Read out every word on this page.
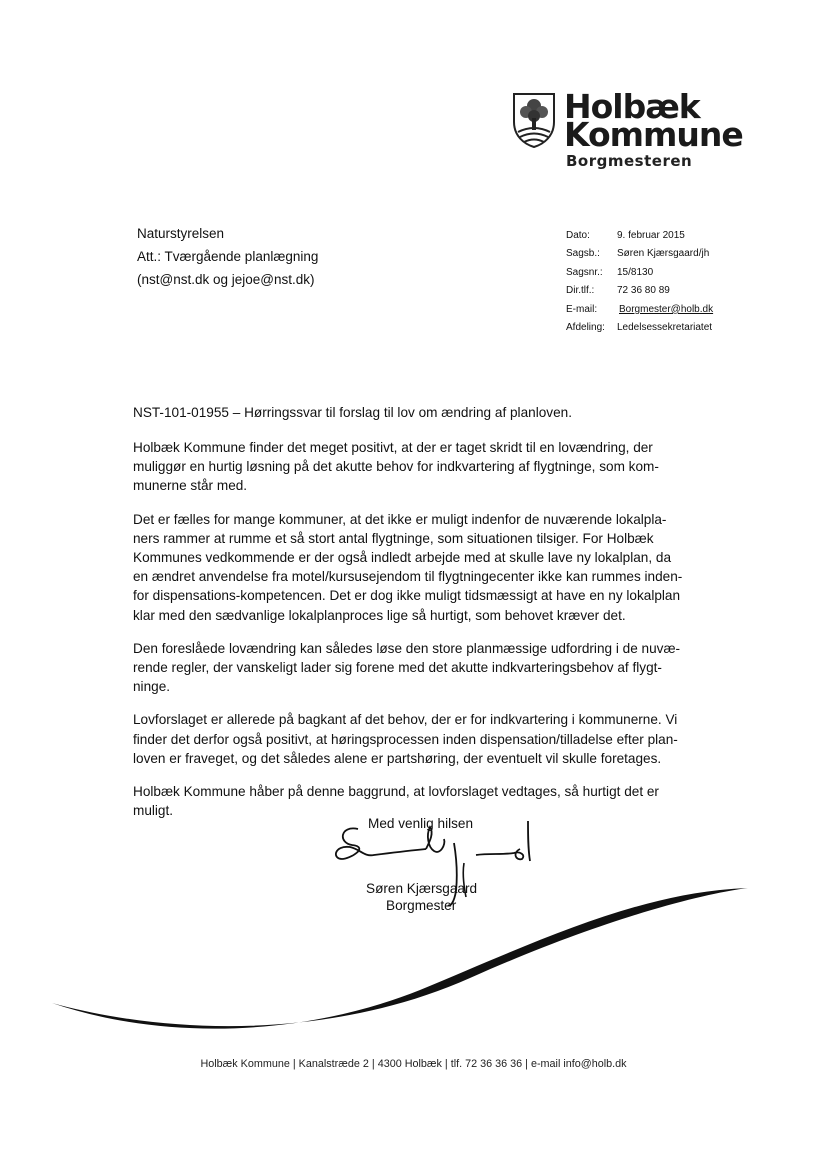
Holbæk
Kommune
Borgmesteren
Naturstyrelsen
Att.: Tværgående planlægning
(nst@nst.dk og jejoe@nst.dk)
Dato:	9. februar 2015
Sagsb.:	Søren Kjærsgaard/jh
Sagsnr.:	15/8130
Dir.tlf.:	72 36 80 89
E-mail:	Borgmester@holb.dk
Afdeling:	Ledelsessekretariatet
NST-101-01955 – Hørringssvar til forslag til lov om ændring af planloven.

Holbæk Kommune finder det meget positivt, at der er taget skridt til en lovændring, der
muliggør en hurtig løsning på det akutte behov for indkvartering af flygtninge, som kom-
munerne står med.

Det er fælles for mange kommuner, at det ikke er muligt indenfor de nuværende lokalpla-
ners rammer at rumme et så stort antal flygtninge, som situationen tilsiger. For Holbæk
Kommunes vedkommende er der også indledt arbejde med at skulle lave ny lokalplan, da
en ændret anvendelse fra motel/kursusejendom til flygtningecenter ikke kan rummes inden-
for dispensations-kompetencen. Det er dog ikke muligt tidsmæssigt at have en ny lokalplan
klar med den sædvanlige lokalplanproces lige så hurtigt, som behovet kræver det.

Den foreslåede lovændring kan således løse den store planmæssige udfordring i de nuvæ-
rende regler, der vanskeligt lader sig forene med det akutte indkvarteringsbehov af flygt-
ninge.

Lovforslaget er allerede på bagkant af det behov, der er for indkvartering i kommunerne. Vi
finder det derfor også positivt, at høringsprocessen inden dispensation/tilladelse efter plan-
loven er fraveget, og det således alene er partshøring, der eventuelt vil skulle foretages.

Holbæk Kommune håber på denne baggrund, at lovforslaget vedtages, så hurtigt det er
muligt.

Med venlig hilsen
Søren Kjærsgaard
Borgmester
Holbæk Kommune | Kanalstræde 2 | 4300 Holbæk | tlf. 72 36 36 36 | e-mail info@holb.dk
